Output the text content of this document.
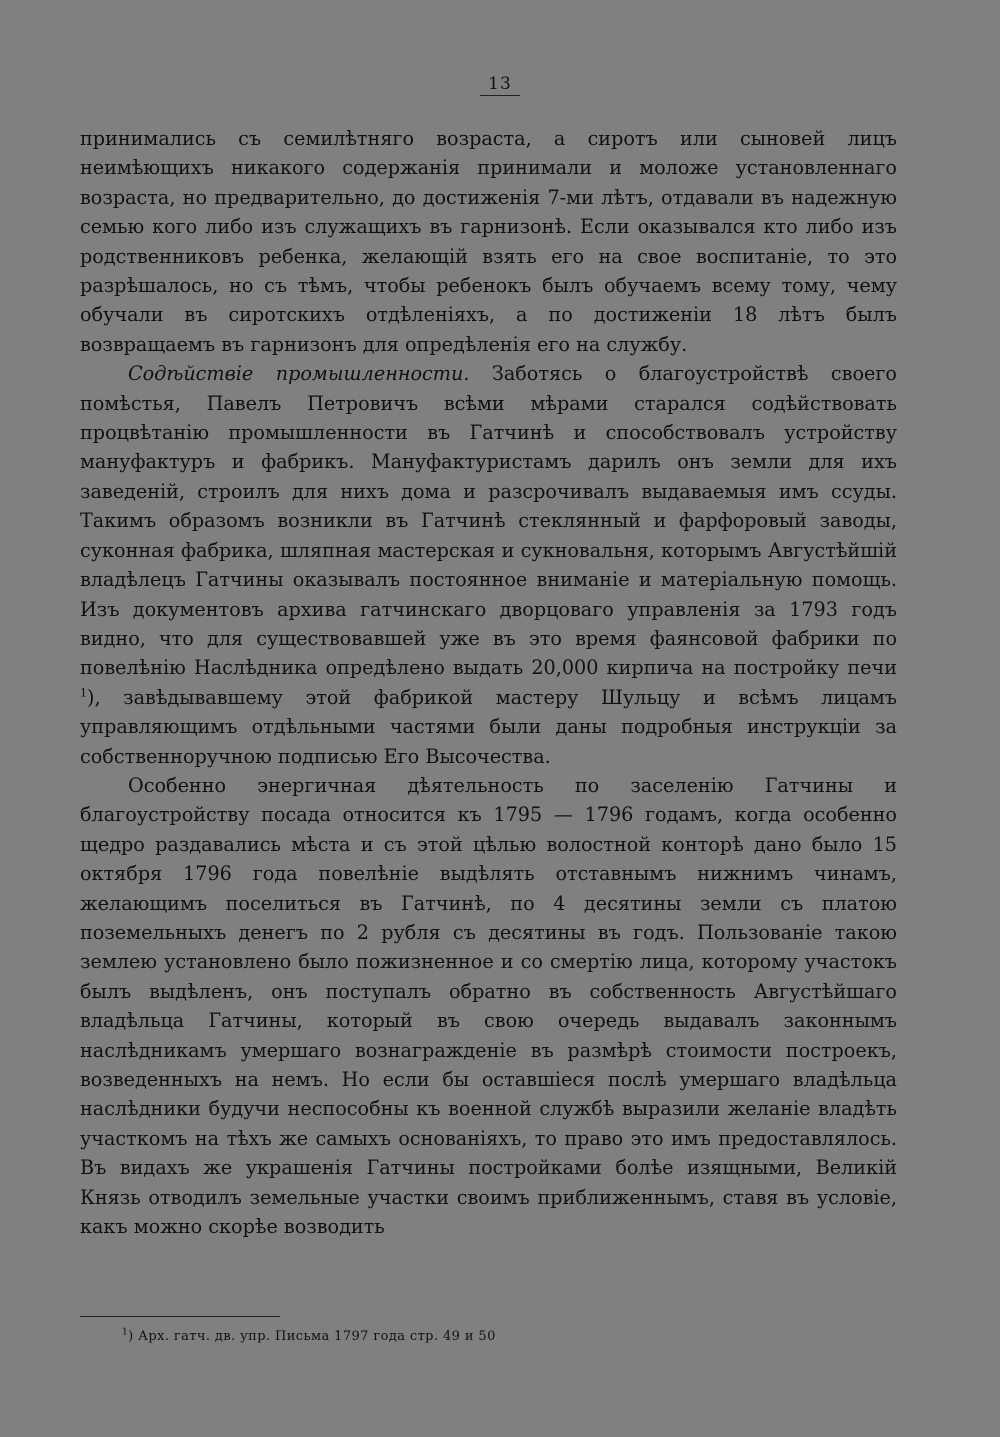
13

принимались съ семилѣтняго возраста, а сиротъ или сыновей лицъ неимѣющихъ никакого содержанія принимали и моложе установленнаго возраста, но предварительно, до достиженія 7-ми лѣтъ, отдавали въ надежную семью кого либо изъ служащихъ въ гарнизонѣ. Если оказывался кто либо изъ родственниковъ ребенка, желающій взять его на свое воспитаніе, то это разрѣшалось, но съ тѣмъ, чтобы ребенокъ былъ обучаемъ всему тому, чему обучали въ сиротскихъ отдѣленіяхъ, а по достиженіи 18 лѣтъ былъ возвращаемъ въ гарнизонъ для опредѣленія его на службу.

Содѣйствіе промышленности. Заботясь о благоустройствѣ своего помѣстья, Павелъ Петровичъ всѣми мѣрами старался содѣйствовать процвѣтанію промышленности въ Гатчинѣ и способствовалъ устройству мануфактуръ и фабрикъ. Мануфактуристамъ дарилъ онъ земли для ихъ заведеній, строилъ для нихъ дома и разсрочивалъ выдаваемыя имъ ссуды. Такимъ образомъ возникли въ Гатчинѣ стеклянный и фарфоровый заводы, суконная фабрика, шляпная мастерская и сукновальня, которымъ Августѣйшій владѣлецъ Гатчины оказывалъ постоянное вниманіе и матеріальную помощь. Изъ документовъ архива гатчинскаго дворцоваго управленія за 1793 годъ видно, что для существовавшей уже въ это время фаянсовой фабрики по повелѣнію Наслѣдника опредѣлено выдать 20,000 кирпича на постройку печи $^1$), завѣдывавшему этой фабрикой мастеру Шульцу и всѣмъ лицамъ управляющимъ отдѣльными частями были даны подробныя инструкціи за собственноручною подписью Его Высочества.

Особенно энергичная дѣятельность по заселенію Гатчины и благоустройству посада относится къ 1795 — 1796 годамъ, когда особенно щедро раздавались мѣста и съ этой цѣлью волостной конторѣ дано было 15 октября 1796 года повелѣніе выдѣлять отставнымъ нижнимъ чинамъ, желающимъ поселиться въ Гатчинѣ, по 4 десятины земли съ платою поземельныхъ денегъ по 2 рубля съ десятины въ годъ. Пользованіе такою землею установлено было пожизненное и со смертію лица, которому участокъ былъ выдѣленъ, онъ поступалъ обратно въ собственность Августѣйшаго владѣльца Гатчины, который въ свою очередь выдавалъ законнымъ наслѣдникамъ умершаго вознагражденіе въ размѣрѣ стоимости построекъ, возведенныхъ на немъ. Но если бы оставшіеся послѣ умершаго владѣльца наслѣдники будучи неспособны къ военной службѣ выразили желаніе владѣть участкомъ на тѣхъ же самыхъ основаніяхъ, то право это имъ предоставлялось. Въ видахъ же украшенія Гатчины постройками болѣе изящными, Великій Князь отводилъ земельные участки своимъ приближеннымъ, ставя въ условіе, какъ можно скорѣе возводить

$^1$) Арх. гатч. дв. упр. Письма 1797 года стр. 49 и 50
